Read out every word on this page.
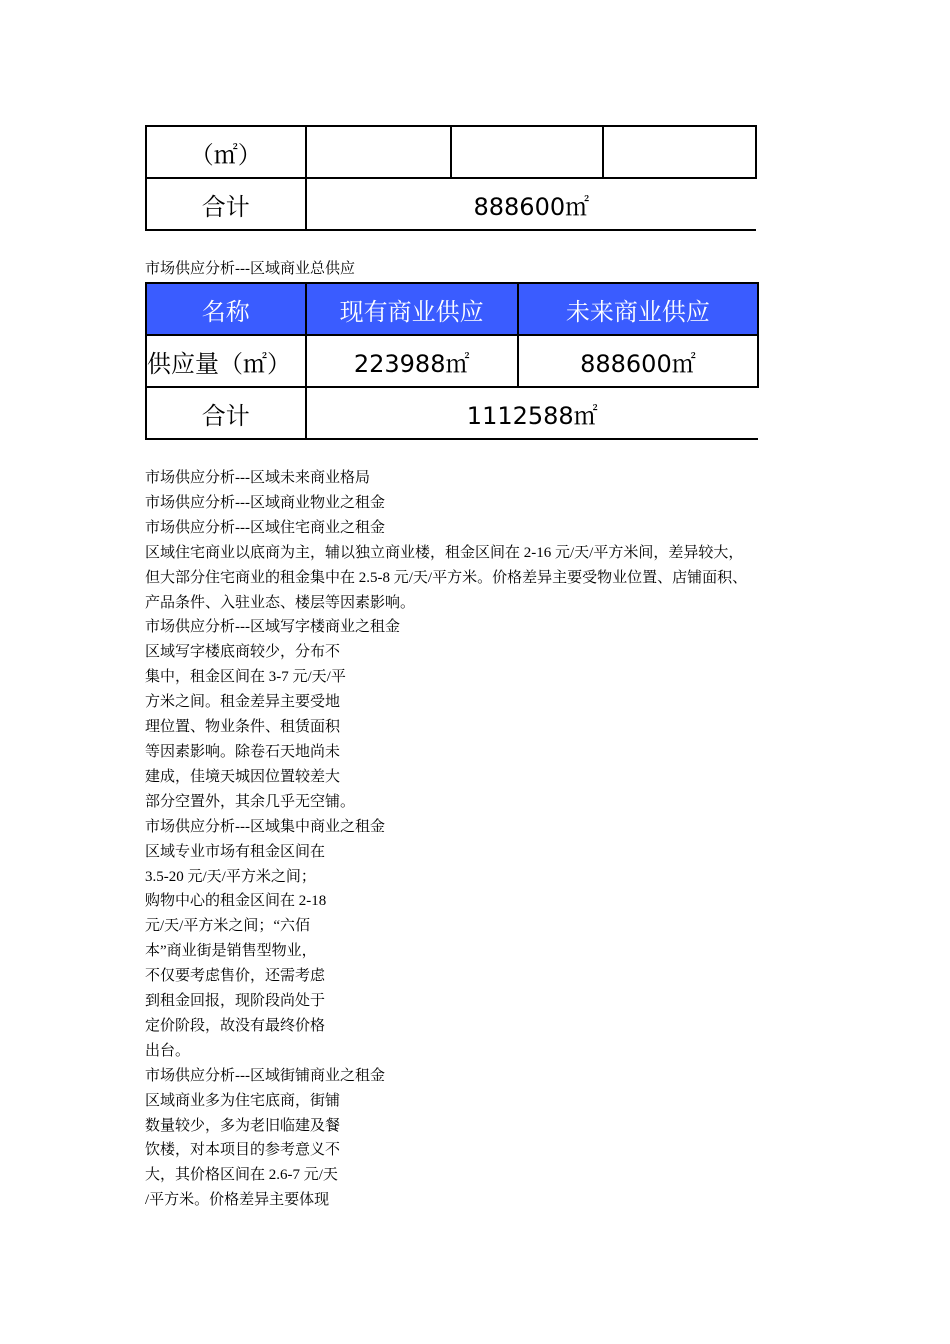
（㎡）			
合计	888600㎡		
市场供应分析---区域商业总供应
名称	现有商业供应	未来商业供应
供应量（㎡）	223988㎡	888600㎡
合计	1112588㎡	
市场供应分析---区域未来商业格局
市场供应分析---区域商业物业之租金
市场供应分析---区域住宅商业之租金
区域住宅商业以底商为主，辅以独立商业楼，租金区间在 2-16 元/天/平方米间，差异较大，
但大部分住宅商业的租金集中在 2.5-8 元/天/平方米。价格差异主要受物业位置、店铺面积、
产品条件、入驻业态、楼层等因素影响。
市场供应分析---区域写字楼商业之租金
区域写字楼底商较少，分布不
集中，租金区间在 3-7 元/天/平
方米之间。租金差异主要受地
理位置、物业条件、租赁面积
等因素影响。除卷石天地尚未
建成，佳境天城因位置较差大
部分空置外，其余几乎无空铺。
市场供应分析---区域集中商业之租金
区域专业市场有租金区间在
3.5-20 元/天/平方米之间；
购物中心的租金区间在 2-18
元/天/平方米之间；“六佰
本”商业街是销售型物业，
不仅要考虑售价，还需考虑
到租金回报，现阶段尚处于
定价阶段，故没有最终价格
出台。
市场供应分析---区域街铺商业之租金
区域商业多为住宅底商，街铺
数量较少，多为老旧临建及餐
饮楼，对本项目的参考意义不
大，其价格区间在 2.6-7 元/天
/平方米。价格差异主要体现
